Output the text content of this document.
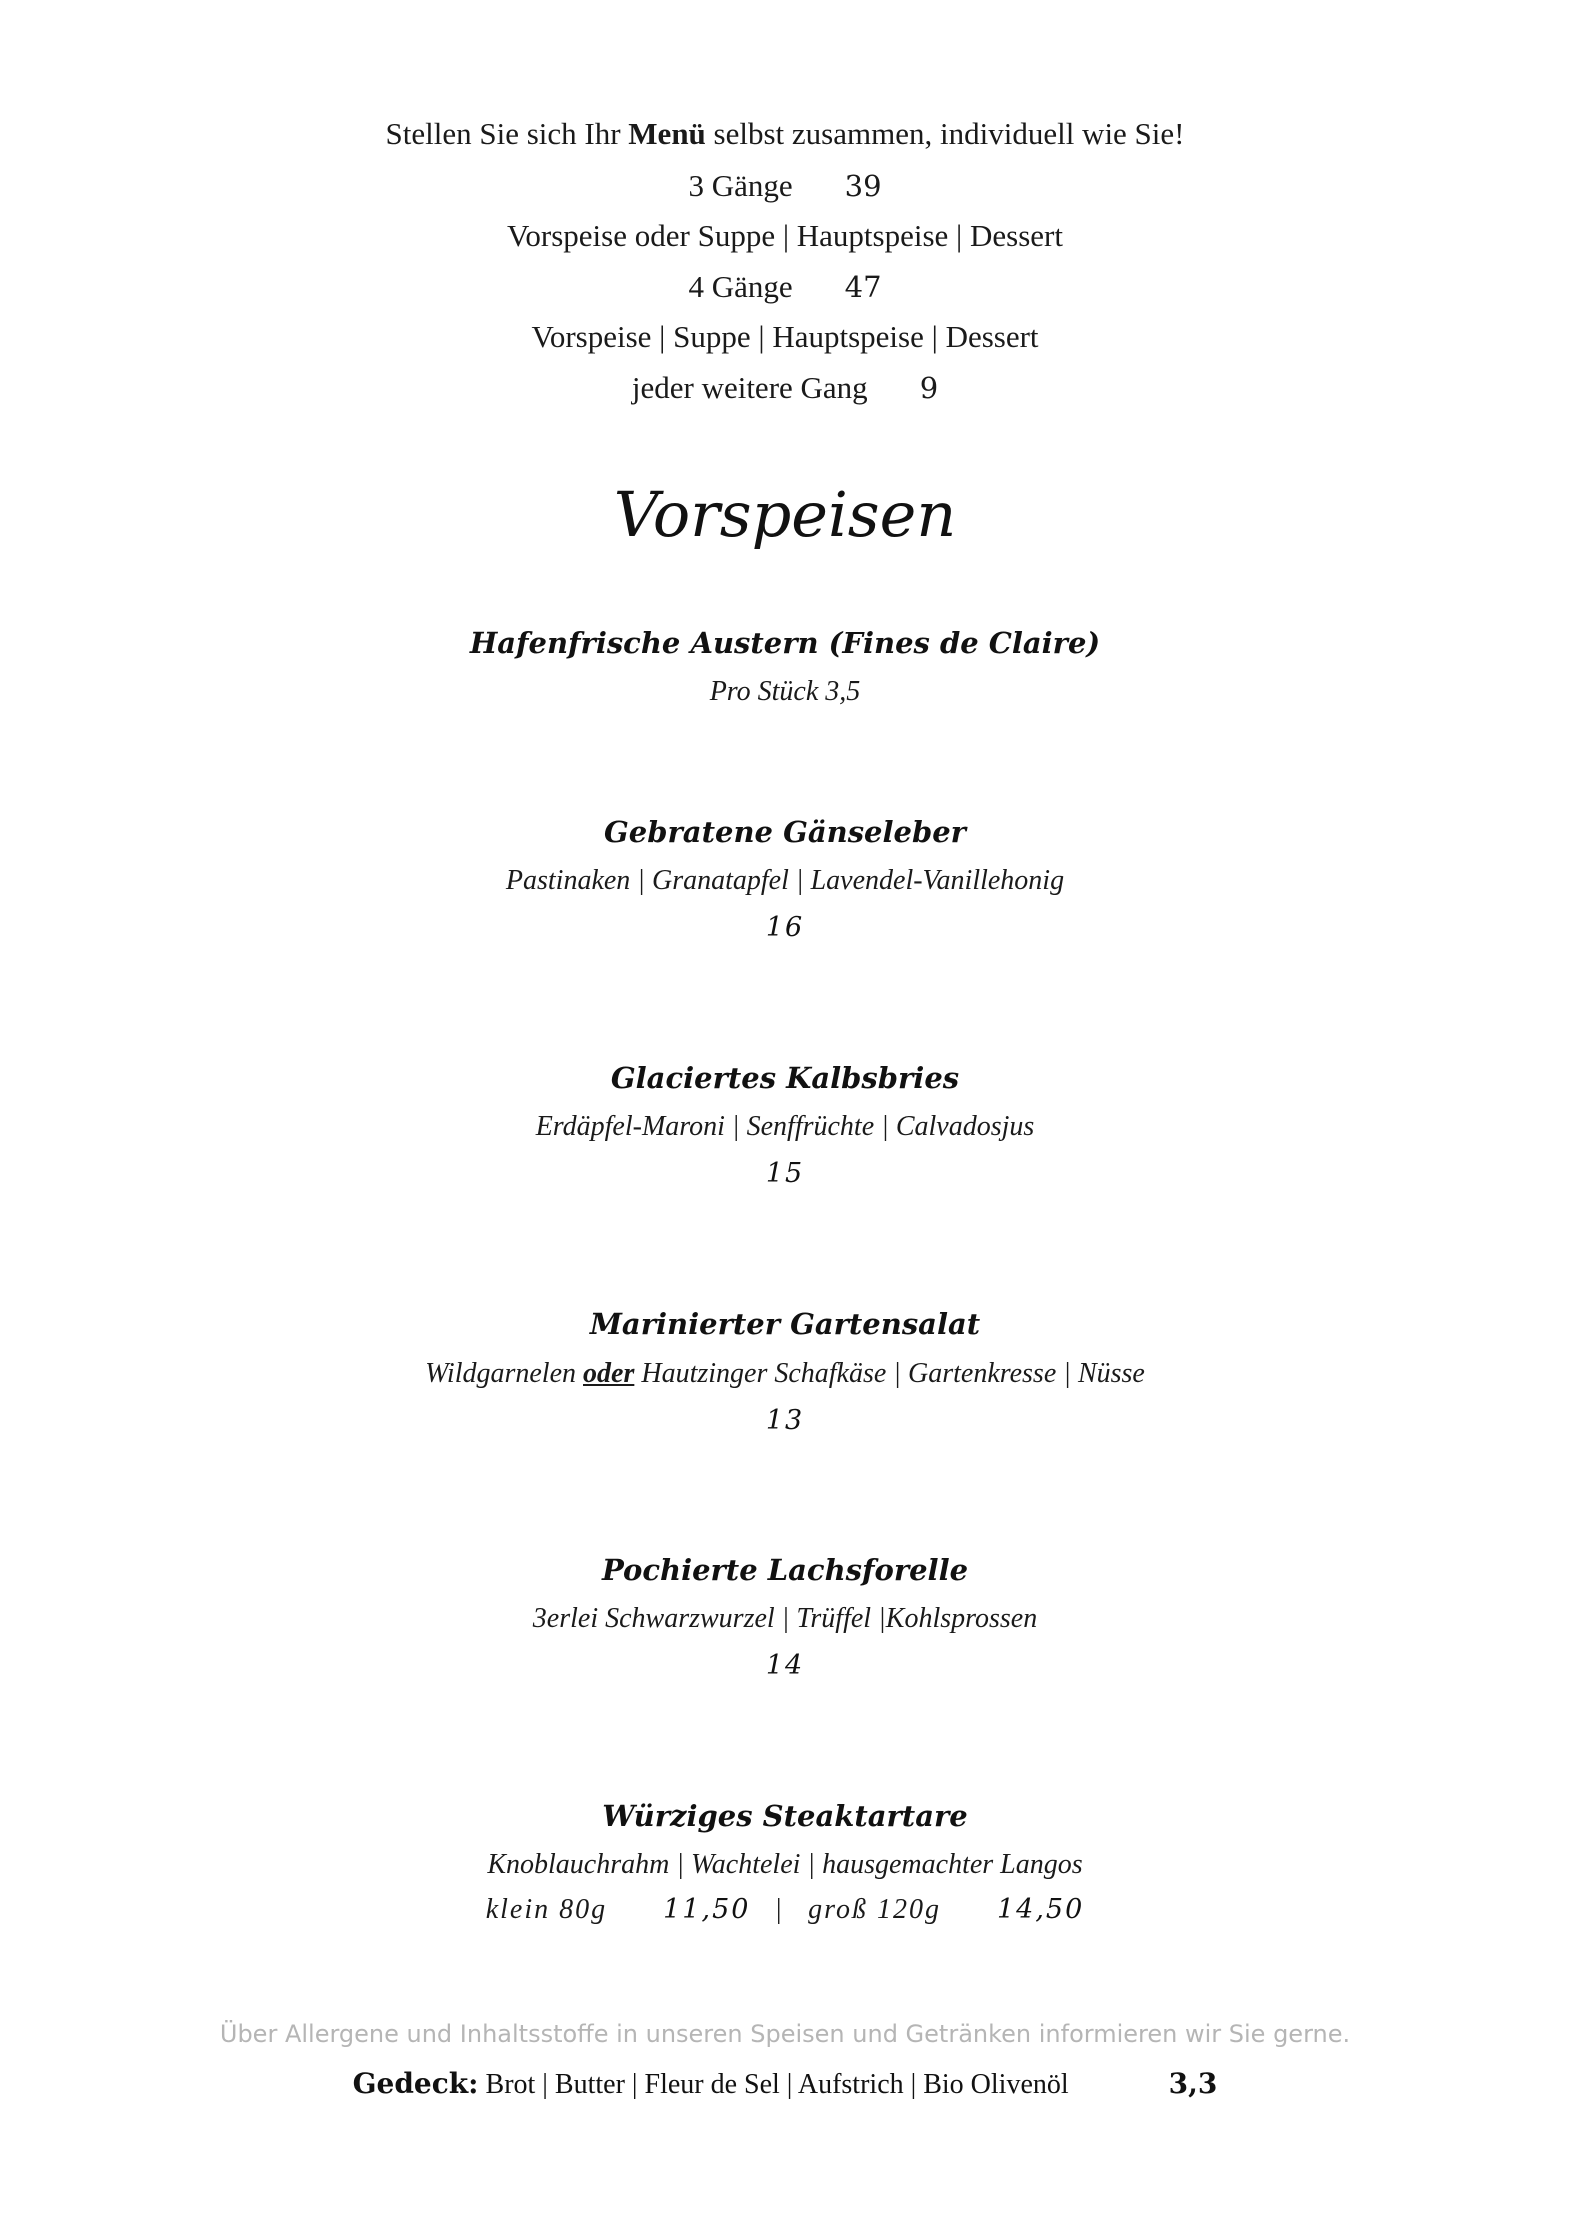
Stellen Sie sich Ihr Menü selbst zusammen, individuell wie Sie!
3 Gänge 39
Vorspeise oder Suppe | Hauptspeise | Dessert
4 Gänge 47
Vorspeise | Suppe | Hauptspeise | Dessert
jeder weitere Gang 9
Vorspeisen
Hafenfrische Austern (Fines de Claire)
Pro Stück 3,5
Gebratene Gänseleber
Pastinaken | Granatapfel | Lavendel-Vanillehonig
16
Glaciertes Kalbsbries
Erdäpfel-Maroni | Senffrüchte | Calvadosjus
15
Marinierter Gartensalat
Wildgarnelen oder Hautzinger Schafkäse | Gartenkresse | Nüsse
13
Pochierte Lachsforelle
3erlei Schwarzwurzel | Trüffel |Kohlsprossen
14
Würziges Steaktartare
Knoblauchrahm | Wachtelei | hausgemachter Langos
klein 80g 11,50 | groß 120g 14,50
Über Allergene und Inhaltsstoffe in unseren Speisen und Getränken informieren wir Sie gerne.
Gedeck: Brot | Butter | Fleur de Sel | Aufstrich | Bio Olivenöl	3,3
